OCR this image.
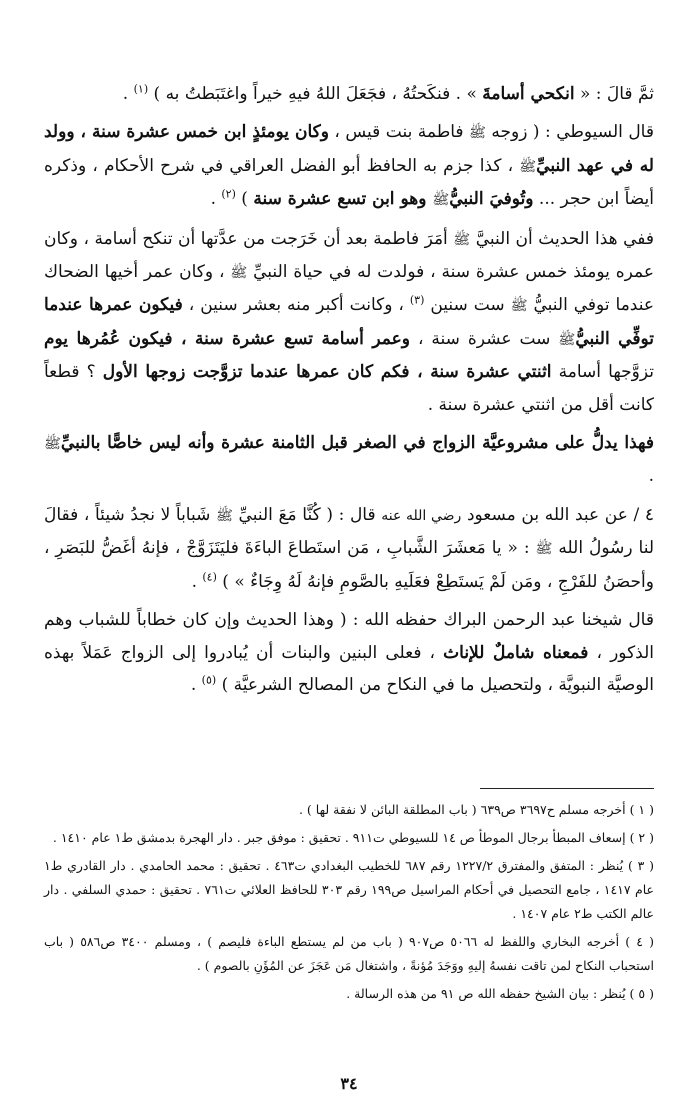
ثمَّ قالَ : « انكحي أسامةَ » . فنكَحتُهُ ، فجَعَلَ اللهُ فيهِ خيراً واغتَبَطتُ به ) $^{(١)}$ .

قال السيوطي : ( زوجه ﷺ فاطمة بنت قيس ، وكان يومئذٍ ابن خمس عشرة سنة ، وولد له في عهد النبيِّﷺ ، كذا جزم به الحافظ أبو الفضل العراقي في شرح الأحكام ، وذكره أيضاً ابن حجر ... وتُوفيَ النبيُّﷺ وهو ابن تسع عشرة سنة ) $^{(٢)}$ .

ففي هذا الحديث أن النبيَّ ﷺ أمَرَ فاطمة بعد أن خَرَجت من عدَّتها أن تنكح أسامة ، وكان عمره يومئذ خمس عشرة سنة ، فولدت له في حياة النبيِّ ﷺ ، وكان عمر أخيها الضحاك عندما توفي النبيُّ ﷺ ست سنين $^{(٣)}$ ، وكانت أكبر منه بعشر سنين ، فيكون عمرها عندما توفِّي النبيُّﷺ ست عشرة سنة ، وعمر أسامة تسع عشرة سنة ، فيكون عُمُرها يوم تزوَّجها أسامة اثنتي عشرة سنة ، فكم كان عمرها عندما تزوَّجت زوجها الأول ؟ قطعاً كانت أقل من اثنتي عشرة سنة .

فهذا يدلُّ على مشروعيَّة الزواج في الصغر قبل الثامنة عشرة وأنه ليس خاصًّا بالنبيِّﷺ .

٤ / عن عبد الله بن مسعود رضي الله عنه قال : ( كُنَّا مَعَ النبيِّ ﷺ شَباباً لا نجدُ شيئاً ، فقالَ لنا رسُولُ الله ﷺ : « يا مَعشَرَ الشَّبابِ ، مَن استَطاعَ الباءَةَ فليَتَزَوَّجْ ، فإنهُ أغَضُّ للبَصَرِ ، وأحصَنُ للفَرْجِ ، ومَن لَمْ يَستَطِعْ فعَلَيهِ بالصَّومِ فإنهُ لَهُ وِجَاءٌ » ) $^{(٤)}$ .

قال شيخنا عبد الرحمن البراك حفظه الله : ( وهذا الحديث وإن كان خطاباً للشباب وهم الذكور ، فمعناه شاملٌ للإناث ، فعلى البنين والبنات أن يُبادروا إلى الزواج عَمَلاً بهذه الوصيَّة النبويَّة ، ولتحصيل ما في النكاح من المصالح الشرعيَّة ) $^{(٥)}$ .

( ١ ) أخرجه مسلم ح٣٦٩٧ ص٦٣٩ ( باب المطلقة البائن لا نفقة لها ) .

( ٢ ) إسعاف المبطأ برجال الموطأ ص ١٤ للسيوطي ت٩١١ . تحقيق : موفق جبر . دار الهجرة بدمشق ط١ عام ١٤١٠ .

( ٣ ) يُنظر : المتفق والمفترق ١٢٢٧/٢ رقم ٦٨٧ للخطيب البغدادي ت٤٦٣ . تحقيق : محمد الحامدي . دار القادري ط١ عام ١٤١٧ ، جامع التحصيل في أحكام المراسيل ص١٩٩ رقم ٣٠٣ للحافظ العلائي ت٧٦١ . تحقيق : حمدي السلفي . دار عالم الكتب ط٢ عام ١٤٠٧ .

( ٤ ) أخرجه البخاري واللفظ له ٥٠٦٦ ص٩٠٧ ( باب من لم يستطع الباءة فليصم ) ، ومسلم ٣٤٠٠ ص٥٨٦ ( باب استحباب النكاح لمن تاقت نفسهُ إليهِ ووَجَدَ مُؤنةً ، واشتغال مَن عَجَزَ عن المُؤَنِ بالصوم ) .

( ٥ ) يُنظر : بيان الشيخ حفظه الله ص ٩١ من هذه الرسالة .

٣٤
